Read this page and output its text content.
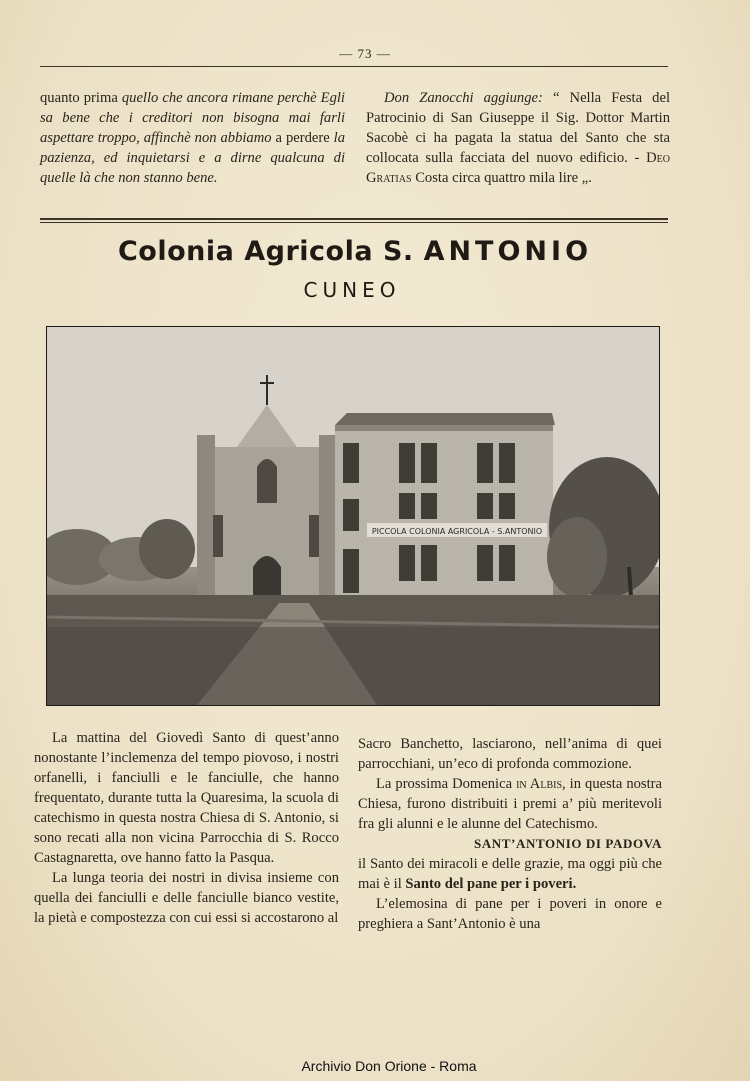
— 73 —

quanto prima quello che ancora rimane perchè Egli sa bene che i creditori non bisogna mai farli aspettare troppo, affinchè non abbiamo a perdere la pazienza, ed inquietarsi e a dirne qualcuna di quelle là che non stanno bene.

Don Zanocchi aggiunge: “ Nella Festa del Patrocinio di San Giuseppe il Sig. Dottor Martin Sacobè ci ha pagata la statua del Santo che sta collocata sulla facciata del nuovo edificio. - Deo Gratias Costa circa quattro mila lire „.

Colonia Agricola S. ANTONIO
CUNEO
PICCOLA COLONIA AGRICOLA - S.ANTONIO

La mattina del Giovedì Santo di quest’anno nonostante l’inclemenza del tempo piovoso, i nostri orfanelli, i fanciulli e le fanciulle, che hanno frequentato, durante tutta la Quaresima, la scuola di catechismo in questa nostra Chiesa di S. Antonio, si sono recati alla non vicina Parrocchia di S. Rocco Castagnaretta, ove hanno fatto la Pasqua.

La lunga teoria dei nostri in divisa insieme con quella dei fanciulli e delle fanciulle bianco vestite, la pietà e compostezza con cui essi si accostarono al

Sacro Banchetto, lasciarono, nell’anima di quei parrocchiani, un’eco di profonda commozione.

La prossima Domenica in Albis, in questa nostra Chiesa, furono distribuiti i premi a’ più meritevoli fra gli alunni e le alunne del Catechismo.

SANT’ANTONIO DI PADOVA

il Santo dei miracoli e delle grazie, ma oggi più che mai è il Santo del pane per i poveri.

L’elemosina di pane per i poveri in onore e preghiera a Sant’Antonio è una

Archivio Don Orione - Roma
